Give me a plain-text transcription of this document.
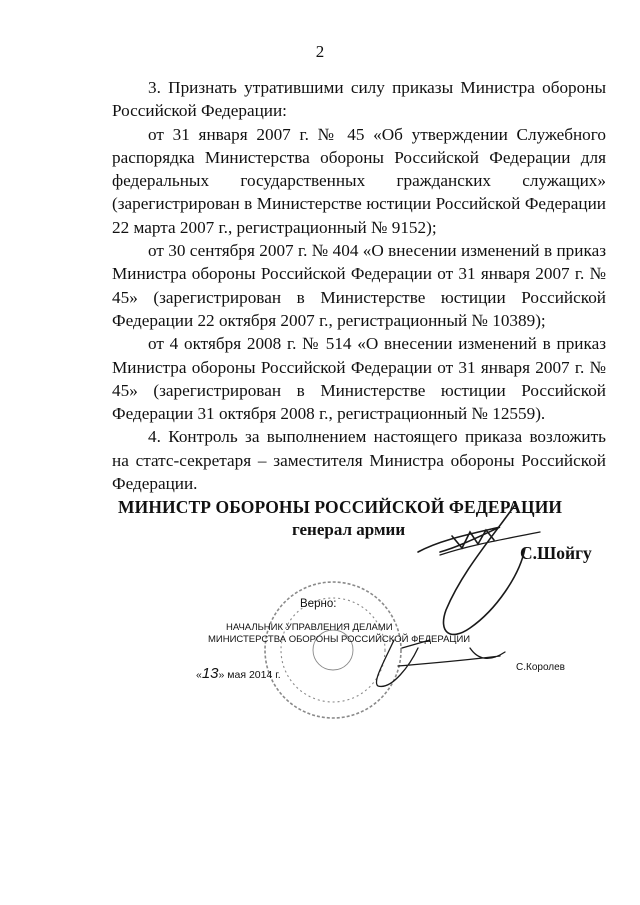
2

3. Признать утратившими силу приказы Министра обороны Российской Федерации:

от 31 января 2007 г. № 45 «Об утверждении Служебного распорядка Министерства обороны Российской Федерации для федеральных государственных гражданских служащих» (зарегистрирован в Министерстве юстиции Российской Федерации 22 марта 2007 г., регистрационный № 9152);

от 30 сентября 2007 г. № 404 «О внесении изменений в приказ Министра обороны Российской Федерации от 31 января 2007 г. № 45» (зарегистрирован в Министерстве юстиции Российской Федерации 22 октября 2007 г., регистрационный № 10389);

от 4 октября 2008 г. № 514 «О внесении изменений в приказ Министра обороны Российской Федерации от 31 января 2007 г. № 45» (зарегистрирован в Министерстве юстиции Российской Федерации 31 октября 2008 г., регистрационный № 12559).

4. Контроль за выполнением настоящего приказа возложить на статс-секретаря – заместителя Министра обороны Российской Федерации.

МИНИСТР ОБОРОНЫ РОССИЙСКОЙ ФЕДЕРАЦИИ
генерал армии
С.Шойгу
Верно:
НАЧАЛЬНИК УПРАВЛЕНИЯ ДЕЛАМИ
МИНИСТЕРСТВА ОБОРОНЫ РОССИЙСКОЙ ФЕДЕРАЦИИ
«13» мая 2014 г.
С.Королев
